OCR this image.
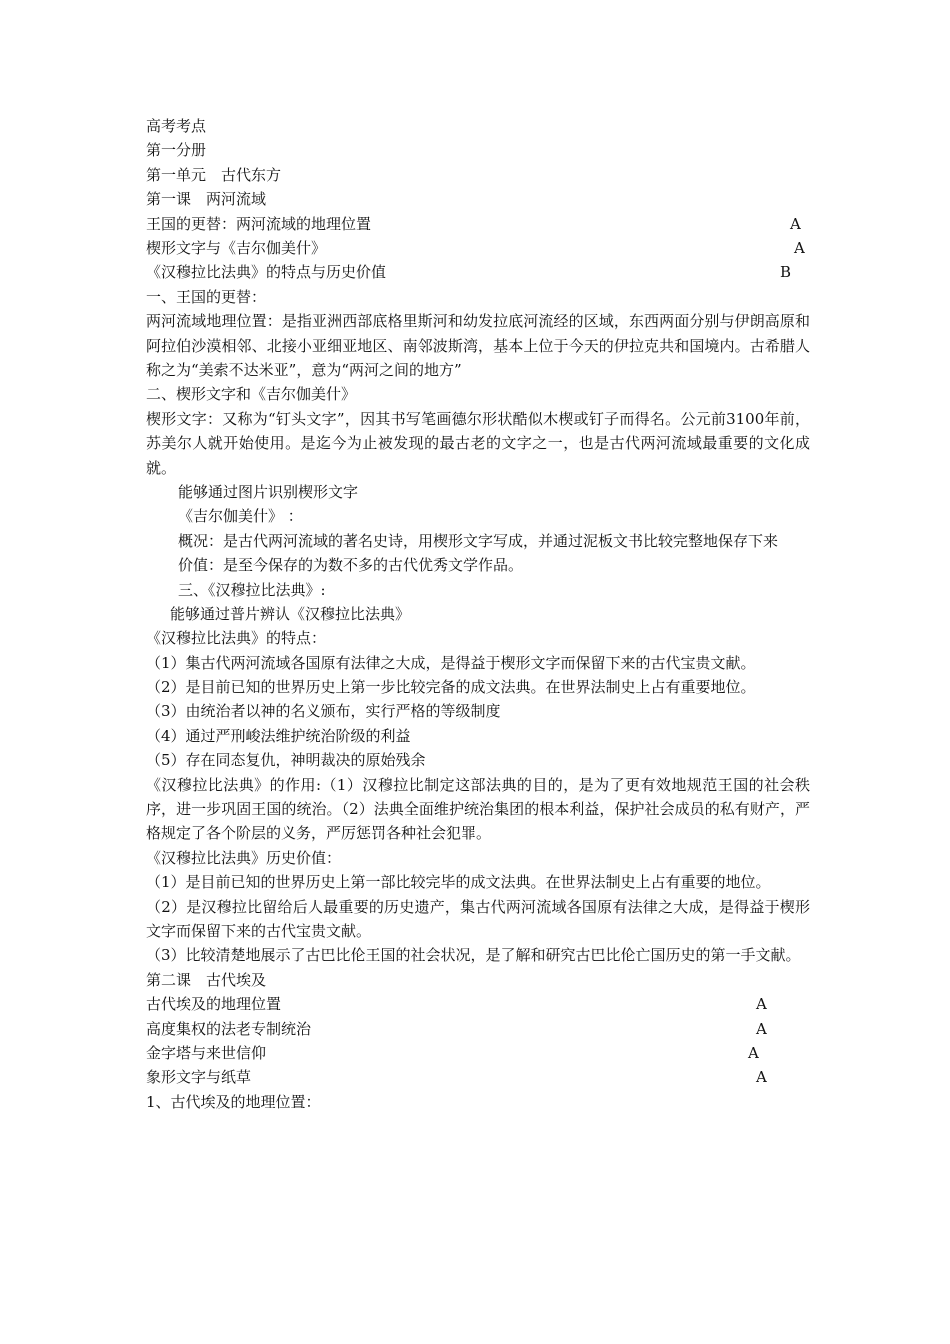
高考考点
第一分册
第一单元　古代东方
第一课　两河流域
王国的更替：两河流域的地理位置	A
楔形文字与《吉尔伽美什》	A
《汉穆拉比法典》的特点与历史价值	B
一、王国的更替：
两河流域地理位置：是指亚洲西部底格里斯河和幼发拉底河流经的区域，东西两面分别与伊朗高原和阿拉伯沙漠相邻、北接小亚细亚地区、南邻波斯湾，基本上位于今天的伊拉克共和国境内。古希腊人称之为“美索不达米亚”，意为“两河之间的地方”
二、楔形文字和《吉尔伽美什》
楔形文字：又称为“钉头文字”，因其书写笔画德尔形状酷似木楔或钉子而得名。公元前3100年前，苏美尔人就开始使用。是迄今为止被发现的最古老的文字之一，也是古代两河流域最重要的文化成就。
能够通过图片识别楔形文字
《吉尔伽美什》 ：
概况：是古代两河流域的著名史诗，用楔形文字写成，并通过泥板文书比较完整地保存下来
价值：是至今保存的为数不多的古代优秀文学作品。
三、《汉穆拉比法典》:
能够通过普片辨认《汉穆拉比法典》
《汉穆拉比法典》的特点：
（1）集古代两河流域各国原有法律之大成，是得益于楔形文字而保留下来的古代宝贵文献。
（2）是目前已知的世界历史上第一步比较完备的成文法典。在世界法制史上占有重要地位。
（3）由统治者以神的名义颁布，实行严格的等级制度
（4）通过严刑峻法维护统治阶级的利益
（5）存在同态复仇，神明裁决的原始残余
《汉穆拉比法典》的作用:（1）汉穆拉比制定这部法典的目的，是为了更有效地规范王国的社会秩序，进一步巩固王国的统治。（2）法典全面维护统治集团的根本利益，保护社会成员的私有财产，严格规定了各个阶层的义务，严厉惩罚各种社会犯罪。
《汉穆拉比法典》历史价值：
（1）是目前已知的世界历史上第一部比较完毕的成文法典。在世界法制史上占有重要的地位。
（2）是汉穆拉比留给后人最重要的历史遗产，集古代两河流域各国原有法律之大成，是得益于楔形文字而保留下来的古代宝贵文献。
（3）比较清楚地展示了古巴比伦王国的社会状况，是了解和研究古巴比伦亡国历史的第一手文献。
第二课　古代埃及
古代埃及的地理位置	A
高度集权的法老专制统治	A
金字塔与来世信仰	A
象形文字与纸草	A
1、古代埃及的地理位置：
